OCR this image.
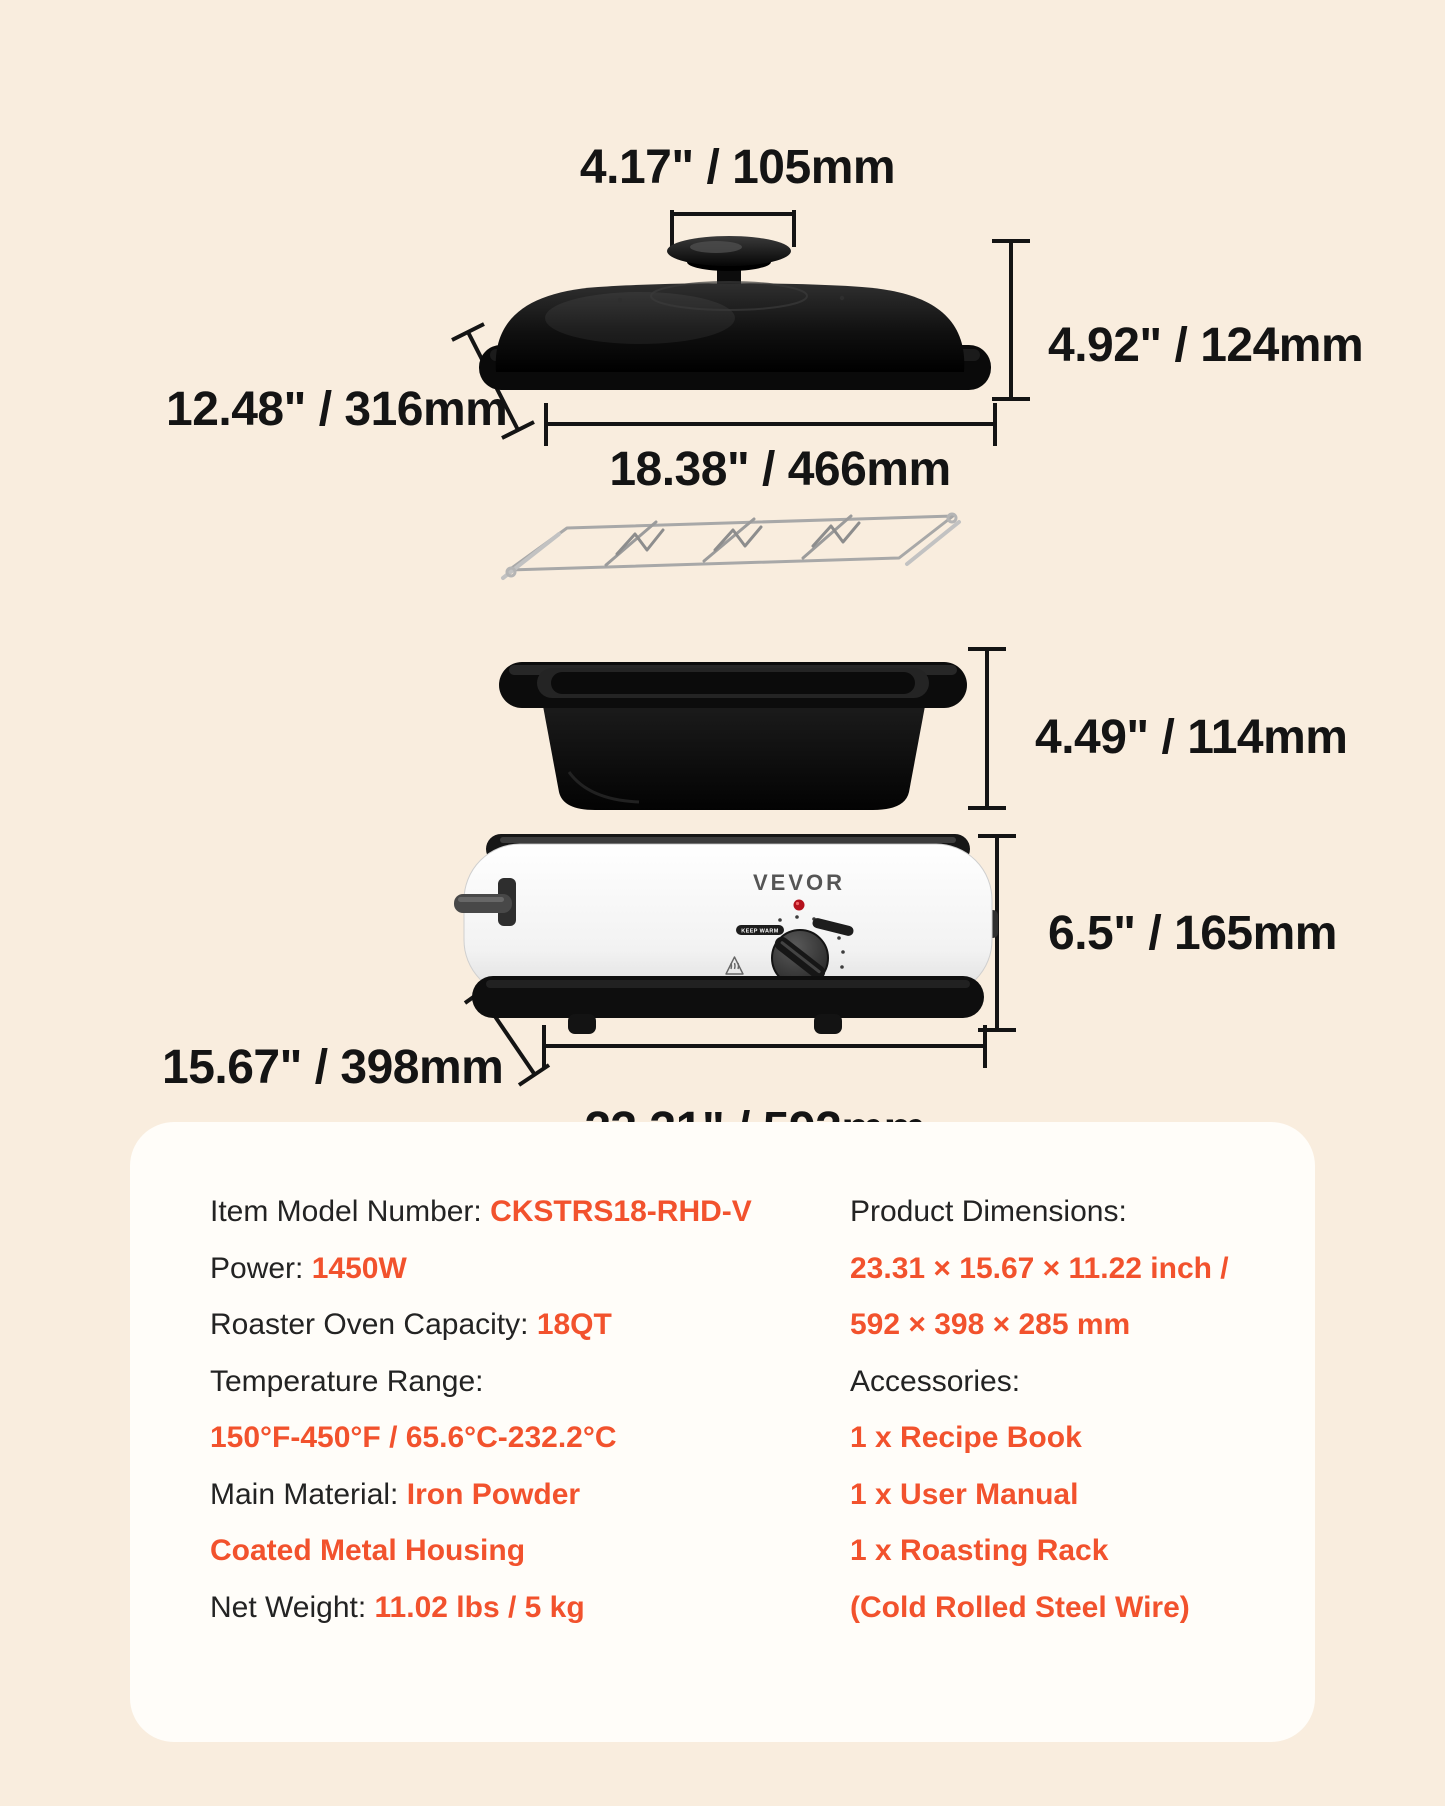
VEVOR
KEEP WARM
4.17" / 105mm
4.92" / 124mm
12.48" / 316mm
18.38" / 466mm
4.49" / 114mm
6.5" / 165mm
15.67" / 398mm
Item Model Number: CKSTRS18-RHD-V
Power: 1450W
Roaster Oven Capacity: 18QT
Temperature Range:
150°F-450°F / 65.6°C-232.2°C
Main Material: Iron Powder
Coated Metal Housing
Net Weight: 11.02 lbs / 5 kg
Product Dimensions:
23.31 × 15.67 × 11.22 inch /
592 × 398 × 285 mm
Accessories:
1 x Recipe Book
1 x User Manual
1 x Roasting Rack
(Cold Rolled Steel Wire)
